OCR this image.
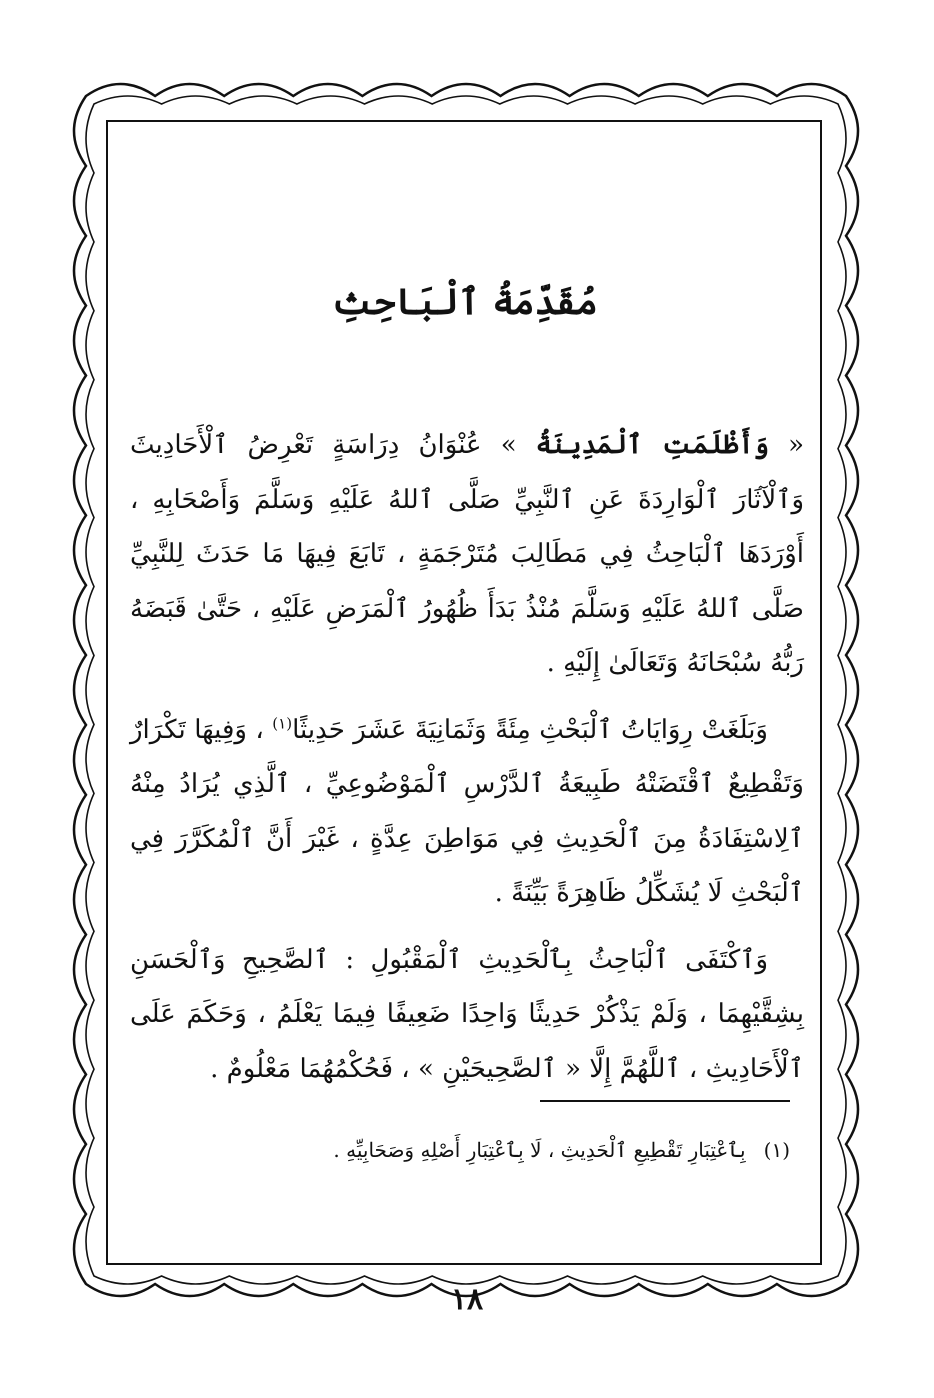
مُقَدِّمَةُ ٱلْبَاحِثِ

« وَأَظْلَمَتِ ٱلْمَدِينَةُ » عُنْوَانُ دِرَاسَةٍ تَعْرِضُ ٱلْأَحَادِيثَ وَٱلْآثَارَ ٱلْوَارِدَةَ عَنِ ٱلنَّبِيِّ صَلَّى ٱللهُ عَلَيْهِ وَسَلَّمَ وَأَصْحَابِهِ ، أَوْرَدَهَا ٱلْبَاحِثُ فِي مَطَالِبَ مُتَرْجَمَةٍ ، تَابَعَ فِيهَا مَا حَدَثَ لِلنَّبِيِّ صَلَّى ٱللهُ عَلَيْهِ وَسَلَّمَ مُنْذُ بَدَأَ ظُهُورُ ٱلْمَرَضِ عَلَيْهِ ، حَتَّىٰ قَبَضَهُ رَبُّهُ سُبْحَانَهُ وَتَعَالَىٰ إِلَيْهِ .

وَبَلَغَتْ رِوَايَاتُ ٱلْبَحْثِ مِئَةً وَثَمَانِيَةَ عَشَرَ حَدِيثًا$^{(١)}$ ، وَفِيهَا تَكْرَارٌ وَتَقْطِيعٌ ٱقْتَضَتْهُ طَبِيعَةُ ٱلدَّرْسِ ٱلْمَوْضُوعِيِّ ، ٱلَّذِي يُرَادُ مِنْهُ ٱلِاسْتِفَادَةُ مِنَ ٱلْحَدِيثِ فِي مَوَاطِنَ عِدَّةٍ ، غَيْرَ أَنَّ ٱلْمُكَرَّرَ فِي ٱلْبَحْثِ لَا يُشَكِّلُ ظَاهِرَةً بَيِّنَةً .

وَٱكْتَفَى ٱلْبَاحِثُ بِٱلْحَدِيثِ ٱلْمَقْبُولِ : ٱلصَّحِيحِ وَٱلْحَسَنِ بِشِقَّيْهِمَا ، وَلَمْ يَذْكُرْ حَدِيثًا وَاحِدًا ضَعِيفًا فِيمَا يَعْلَمُ ، وَحَكَمَ عَلَى ٱلْأَحَادِيثِ ، ٱللَّهُمَّ إِلَّا « ٱلصَّحِيحَيْنِ » ، فَحُكْمُهُمَا مَعْلُومٌ .

(١)بِٱعْتِبَارِ تَقْطِيعِ ٱلْحَدِيثِ ، لَا بِٱعْتِبَارِ أَصْلِهِ وَصَحَابِيِّهِ .
١٨
